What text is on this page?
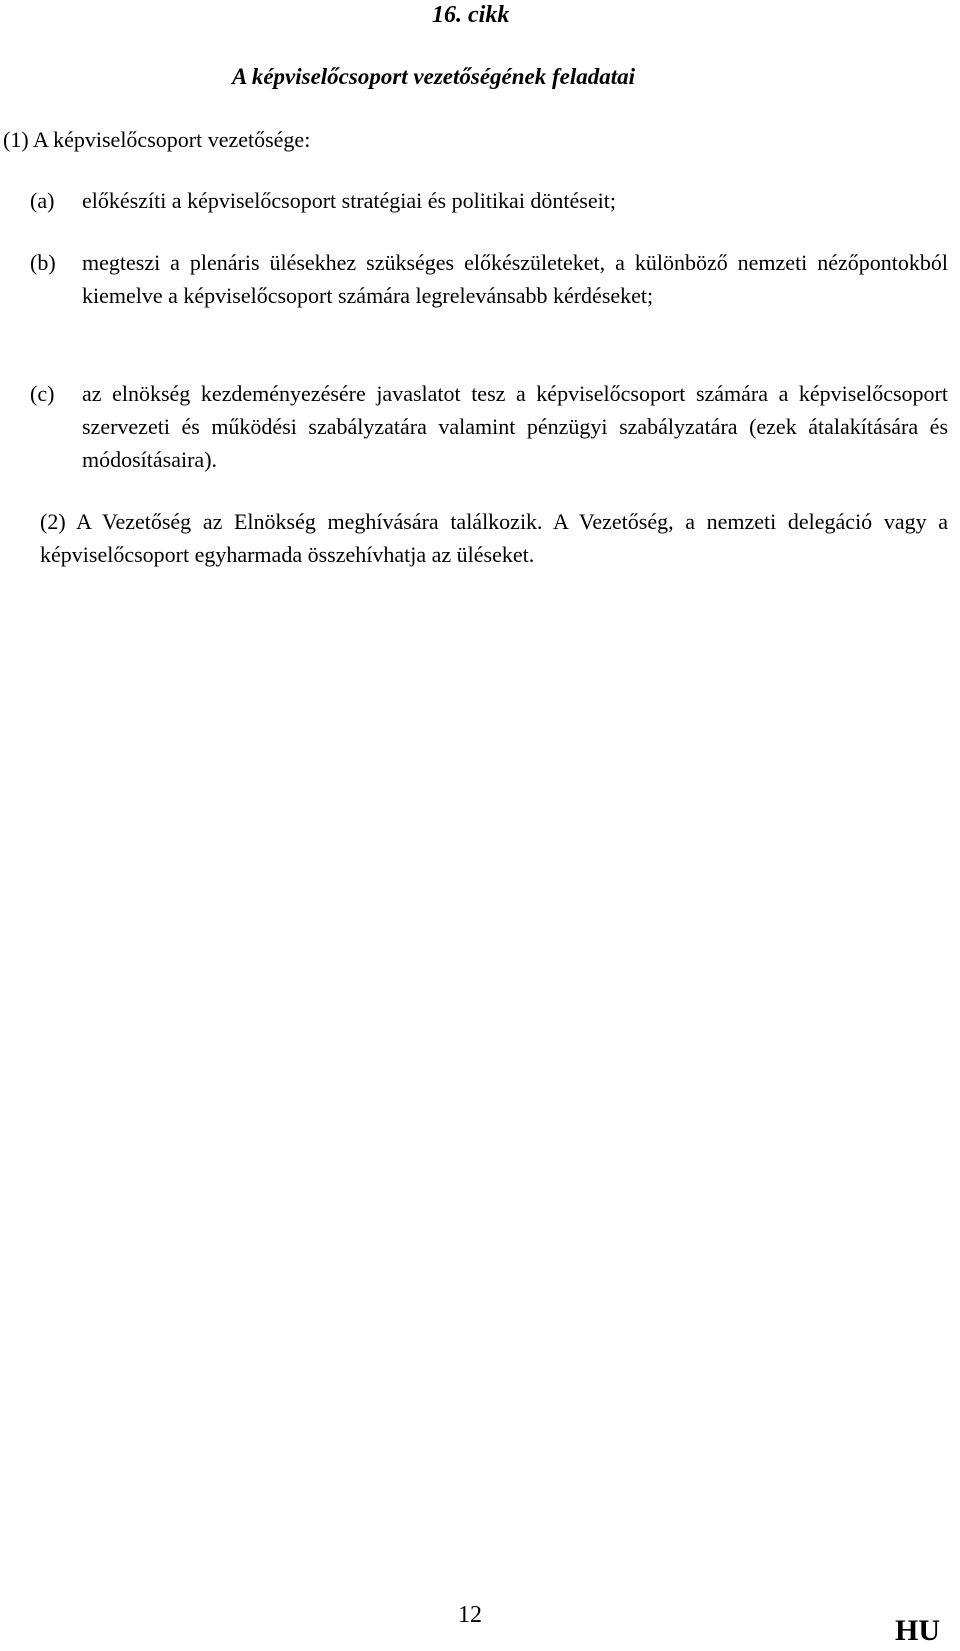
16. cikk
A képviselőcsoport vezetőségének feladatai
(1) A képviselőcsoport vezetősége:
(a) előkészíti a képviselőcsoport stratégiai és politikai döntéseit;
(b) megteszi a plenáris ülésekhez szükséges előkészületeket, a különböző nemzeti nézőpontokból kiemelve a képviselőcsoport számára legrelevánsabb kérdéseket;
(c) az elnökség kezdeményezésére javaslatot tesz a képviselőcsoport számára a képviselőcsoport szervezeti és működési szabályzatára valamint pénzügyi szabályzatára (ezek átalakítására és módosításaira).
(2) A Vezetőség az Elnökség meghívására találkozik. A Vezetőség, a nemzeti delegáció vagy a képviselőcsoport egyharmada összehívhatja az üléseket.
12	HU
